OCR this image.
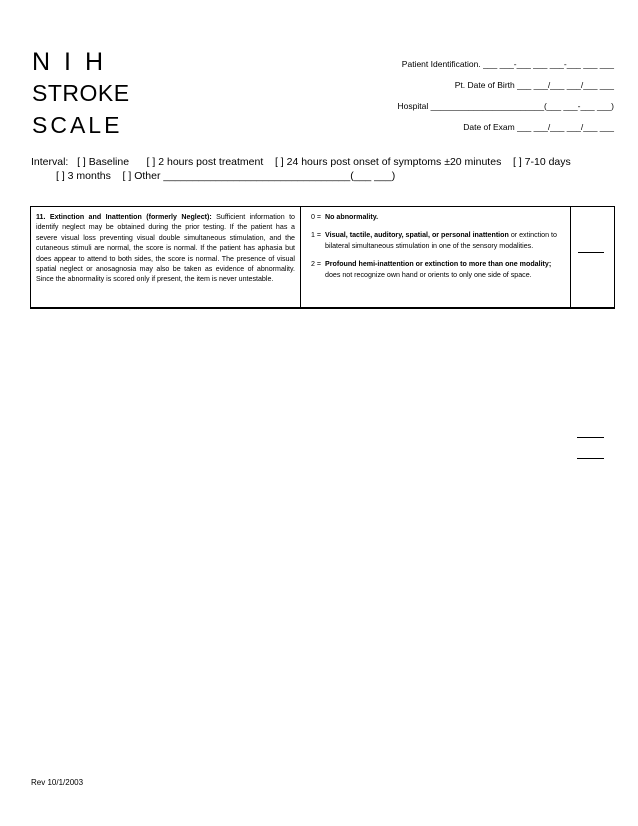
NIH
STROKE
SCALE
Patient Identification. ___ ___-___ ___ ___-___ ___ ___
Pt. Date of Birth ___ ___/___ ___/___ ___
Hospital ________________________(___ ___-___ ___)
Date of Exam ___ ___/___ ___/___ ___
Interval:   [ ] Baseline      [ ] 2 hours post treatment    [ ] 24 hours post onset of symptoms ±20 minutes    [ ] 7-10 days
[ ] 3 months    [ ] Other ________________________________(___ ___)
11. Extinction and Inattention (formerly Neglect): Sufficient information to identify neglect may be obtained during the prior testing. If the patient has a severe visual loss preventing visual double simultaneous stimulation, and the cutaneous stimuli are normal, the score is normal. If the patient has aphasia but does appear to attend to both sides, the score is normal. The presence of visual spatial neglect or anosagnosia may also be taken as evidence of abnormality. Since the abnormality is scored only if present, the item is never untestable.
0 = No abnormality.
1 = Visual, tactile, auditory, spatial, or personal inattention or extinction to bilateral simultaneous stimulation in one of the sensory modalities.
2 = Profound hemi-inattention or extinction to more than one modality; does not recognize own hand or orients to only one side of space.
Rev 10/1/2003
